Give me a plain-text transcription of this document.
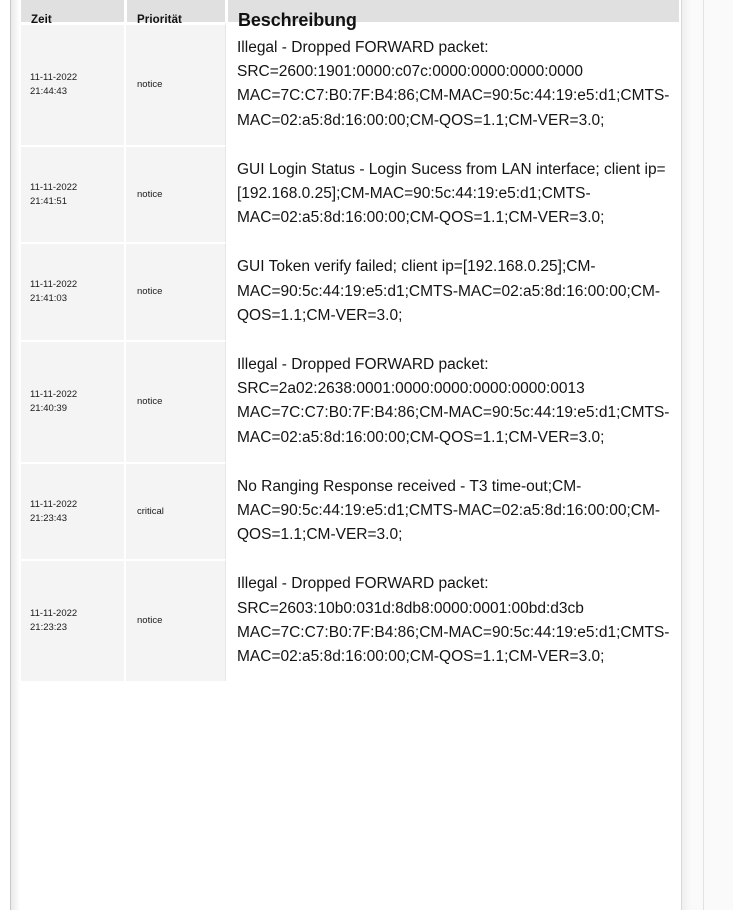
Zeit	Priorität	Beschreibung

11-11-2022
21:44:43	notice	Illegal - Dropped FORWARD packet: SRC=2600:1901:0000:c07c:0000:0000:0000:0000 MAC=7C:C7:B0:7F:B4:86;CM-MAC=90:5c:44:19:e5:d1;CMTS-MAC=02:a5:8d:16:00:00;CM-QOS=1.1;CM-VER=3.0;

11-11-2022
21:41:51	notice	GUI Login Status - Login Sucess from LAN interface; client ip=[192.168.0.25];CM-MAC=90:5c:44:19:e5:d1;CMTS-MAC=02:a5:8d:16:00:00;CM-QOS=1.1;CM-VER=3.0;

11-11-2022
21:41:03	notice	GUI Token verify failed; client ip=[192.168.0.25];CM-MAC=90:5c:44:19:e5:d1;CMTS-MAC=02:a5:8d:16:00:00;CM-QOS=1.1;CM-VER=3.0;

11-11-2022
21:40:39	notice	Illegal - Dropped FORWARD packet: SRC=2a02:2638:0001:0000:0000:0000:0000:0013 MAC=7C:C7:B0:7F:B4:86;CM-MAC=90:5c:44:19:e5:d1;CMTS-MAC=02:a5:8d:16:00:00;CM-QOS=1.1;CM-VER=3.0;

11-11-2022
21:23:43	critical	No Ranging Response received - T3 time-out;CM-MAC=90:5c:44:19:e5:d1;CMTS-MAC=02:a5:8d:16:00:00;CM-QOS=1.1;CM-VER=3.0;

11-11-2022
21:23:23	notice	Illegal - Dropped FORWARD packet: SRC=2603:10b0:031d:8db8:0000:0001:00bd:d3cb MAC=7C:C7:B0:7F:B4:86;CM-MAC=90:5c:44:19:e5:d1;CMTS-MAC=02:a5:8d:16:00:00;CM-QOS=1.1;CM-VER=3.0;
